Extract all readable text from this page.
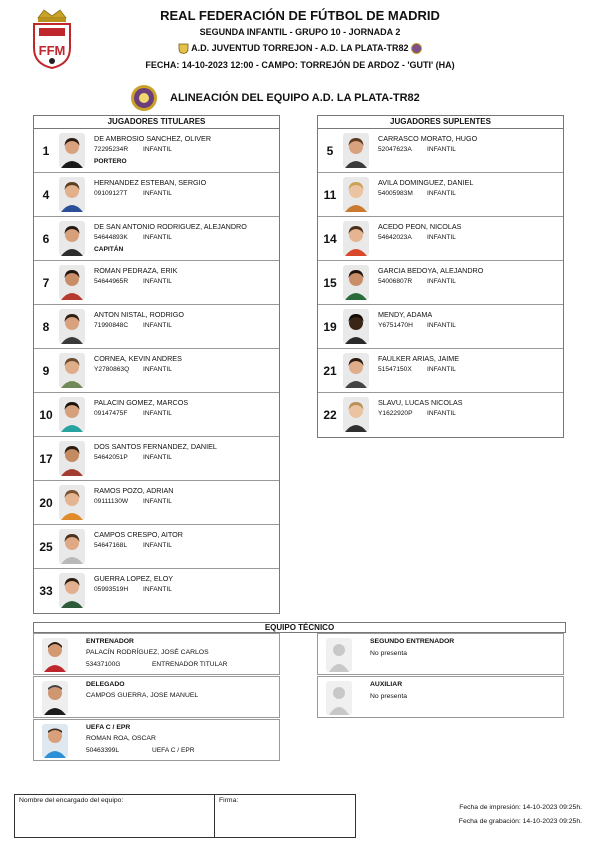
FFM
REAL FEDERACIÓN DE FÚTBOL DE MADRID
SEGUNDA INFANTIL - GRUPO 10 - JORNADA 2
A.D. JUVENTUD TORREJON - A.D. LA PLATA-TR82
FECHA: 14-10-2023 12:00 - CAMPO: TORREJÓN DE ARDOZ - 'GUTI' (HA)
ALINEACIÓN DEL EQUIPO A.D. LA PLATA-TR82
JUGADORES TITULARES
1
DE AMBROSIO SANCHEZ, OLIVER
72295234R INFANTIL
PORTERO
4
HERNANDEZ ESTEBAN, SERGIO
09109127T INFANTIL
6
DE SAN ANTONIO RODRIGUEZ, ALEJANDRO
54644893K INFANTIL
CAPITÁN
7
ROMAN PEDRAZA, ERIK
54644965R INFANTIL
8
ANTON NISTAL, RODRIGO
71990848C INFANTIL
9
CORNEA, KEVIN ANDRES
Y2780863Q INFANTIL
10
PALACIN GOMEZ, MARCOS
09147475F INFANTIL
17
DOS SANTOS FERNANDEZ, DANIEL
54642051P INFANTIL
20
RAMOS POZO, ADRIAN
09111130W INFANTIL
25
CAMPOS CRESPO, AITOR
54647168L INFANTIL
33
GUERRA LOPEZ, ELOY
05993519H INFANTIL
JUGADORES SUPLENTES
5
CARRASCO MORATO, HUGO
52047623A INFANTIL
11
AVILA DOMINGUEZ, DANIEL
54005983M INFANTIL
14
ACEDO PEON, NICOLAS
54642023A INFANTIL
15
GARCIA BEDOYA, ALEJANDRO
54006807R INFANTIL
19
MENDY, ADAMA
Y6751470H INFANTIL
21
FAULKER ARIAS, JAIME
51547150X INFANTIL
22
SLAVU, LUCAS NICOLAS
Y1622920P INFANTIL
EQUIPO TÉCNICO
ENTRENADOR
PALACÍN RODRÍGUEZ, JOSÉ CARLOS
53437100G	ENTRENADOR TITULAR
DELEGADO
CAMPOS GUERRA, JOSE MANUEL
UEFA C / EPR
ROMAN ROA, OSCAR
50463399L	UEFA C / EPR
SEGUNDO ENTRENADOR
No presenta
AUXILIAR
No presenta
Nombre del encargado del equipo:	Firma:
Fecha de impresión: 14-10-2023 09:25h.
Fecha de grabación: 14-10-2023 09:25h.
